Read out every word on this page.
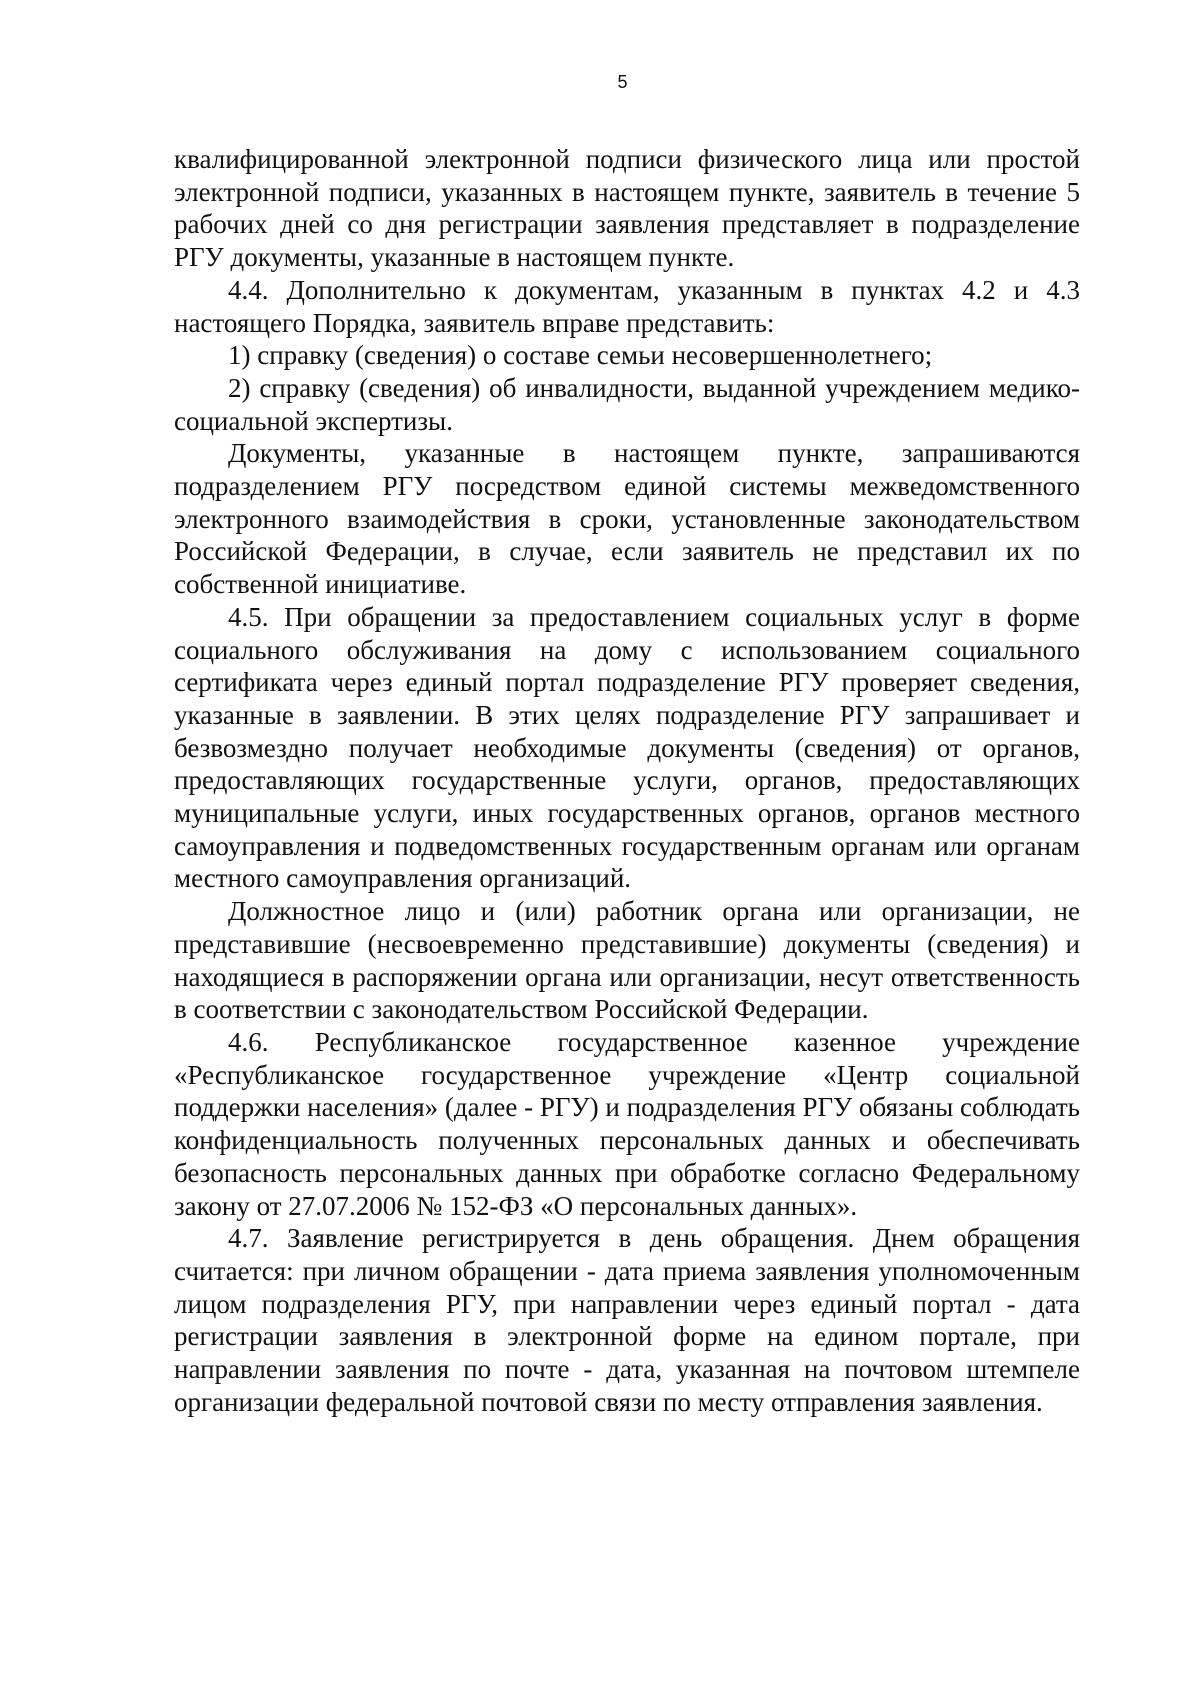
5

квалифицированной электронной подписи физического лица или простой электронной подписи, указанных в настоящем пункте, заявитель в течение 5 рабочих дней со дня регистрации заявления представляет в подразделение РГУ документы, указанные в настоящем пункте.

4.4. Дополнительно к документам, указанным в пунктах 4.2 и 4.3 настоящего Порядка, заявитель вправе представить:

1) справку (сведения) о составе семьи несовершеннолетнего;

2) справку (сведения) об инвалидности, выданной учреждением медико-социальной экспертизы.

Документы, указанные в настоящем пункте, запрашиваются подразделением РГУ посредством единой системы межведомственного электронного взаимодействия в сроки, установленные законодательством Российской Федерации, в случае, если заявитель не представил их по собственной инициативе.

4.5. При обращении за предоставлением социальных услуг в форме социального обслуживания на дому с использованием социального сертификата через единый портал подразделение РГУ проверяет сведения, указанные в заявлении. В этих целях подразделение РГУ запрашивает и безвозмездно получает необходимые документы (сведения) от органов, предоставляющих государственные услуги, органов, предоставляющих муниципальные услуги, иных государственных органов, органов местного самоуправления и подведомственных государственным органам или органам местного самоуправления организаций.

Должностное лицо и (или) работник органа или организации, не представившие (несвоевременно представившие) документы (сведения) и находящиеся в распоряжении органа или организации, несут ответственность в соответствии с законодательством Российской Федерации.

4.6. Республиканское государственное казенное учреждение «Республиканское государственное учреждение «Центр социальной поддержки населения» (далее - РГУ) и подразделения РГУ обязаны соблюдать конфиденциальность полученных персональных данных и обеспечивать безопасность персональных данных при обработке согласно Федеральному закону от 27.07.2006 № 152-ФЗ «О персональных данных».

4.7. Заявление регистрируется в день обращения. Днем обращения считается: при личном обращении - дата приема заявления уполномоченным лицом подразделения РГУ, при направлении через единый портал - дата регистрации заявления в электронной форме на едином портале, при направлении заявления по почте - дата, указанная на почтовом штемпеле организации федеральной почтовой связи по месту отправления заявления.
